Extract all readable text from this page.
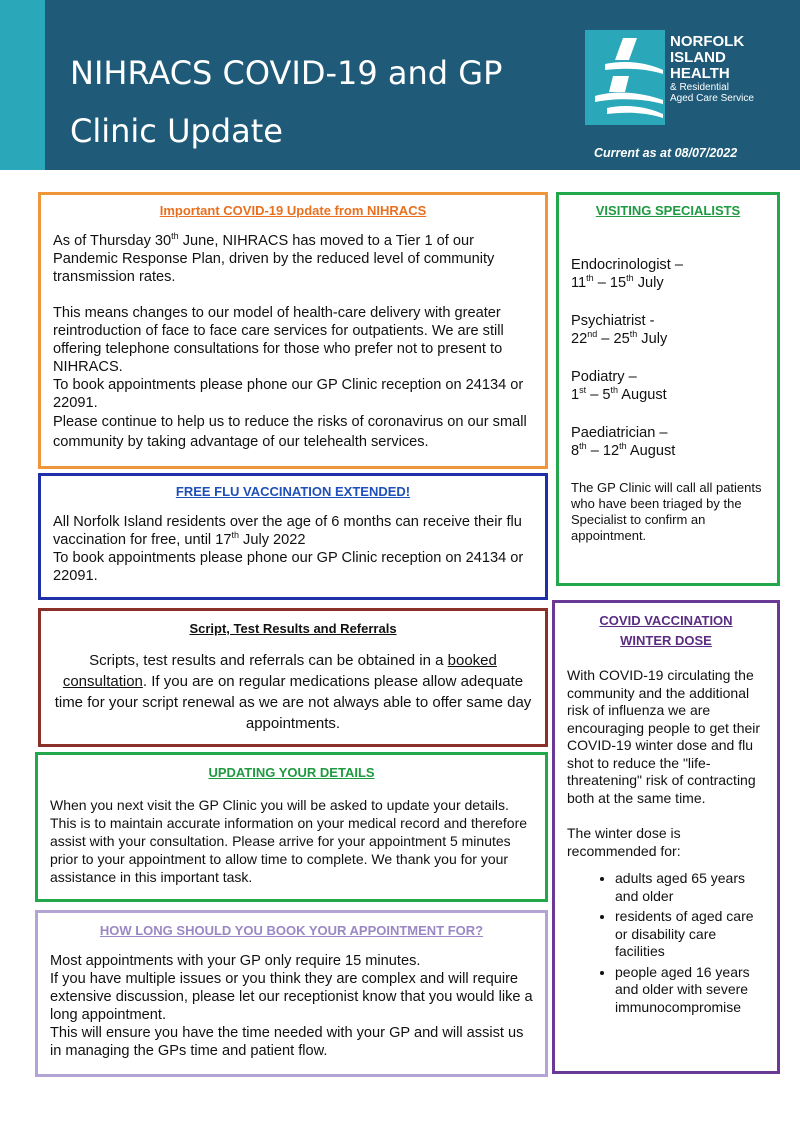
NIHRACS COVID-19 and GP
Clinic Update
NORFOLK
ISLAND
HEALTH
& Residential
Aged Care Service
Current as at 08/07/2022
Important COVID-19 Update from NIHRACS

As of Thursday 30th June, NIHRACS has moved to a Tier 1 of our Pandemic Response Plan, driven by the reduced level of community transmission rates.

This means changes to our model of health-care delivery with greater reintroduction of face to face care services for outpatients. We are still offering telephone consultations for those who prefer not to present to NIHRACS.

To book appointments please phone our GP Clinic reception on 24134 or 22091.

Please continue to help us to reduce the risks of coronavirus on our small community by taking advantage of our telehealth services.

FREE FLU VACCINATION EXTENDED!

All Norfolk Island residents over the age of 6 months can receive their flu vaccination for free, until 17th July 2022

To book appointments please phone our GP Clinic reception on 24134 or 22091.

Script, Test Results and Referrals

Scripts, test results and referrals can be obtained in a booked consultation. If you are on regular medications please allow adequate time for your script renewal as we are not always able to offer same day appointments.

UPDATING YOUR DETAILS

When you next visit the GP Clinic you will be asked to update your details. This is to maintain accurate information on your medical record and therefore assist with your consultation. Please arrive for your appointment 5 minutes prior to your appointment to allow time to complete. We thank you for your assistance in this important task.

HOW LONG SHOULD YOU BOOK YOUR APPOINTMENT FOR?

Most appointments with your GP only require 15 minutes.

If you have multiple issues or you think they are complex and will require extensive discussion, please let our receptionist know that you would like a long appointment.

This will ensure you have the time needed with your GP and will assist us in managing the GPs time and patient flow.

VISITING SPECIALISTS
Endocrinologist –
11th – 15th July
Psychiatrist -
22nd – 25th July
Podiatry –
1st – 5th August
Paediatrician –
8th – 12th August
The GP Clinic will call all patients who have been triaged by the Specialist to confirm an appointment.
COVID VACCINATION
WINTER DOSE

With COVID-19 circulating the community and the additional risk of influenza we are encouraging people to get their COVID-19 winter dose and flu shot to reduce the "life-threatening" risk of contracting both at the same time.

The winter dose is recommended for:

• adults aged 65 years and older
• residents of aged care or disability care facilities
• people aged 16 years and older with severe immunocompromise
